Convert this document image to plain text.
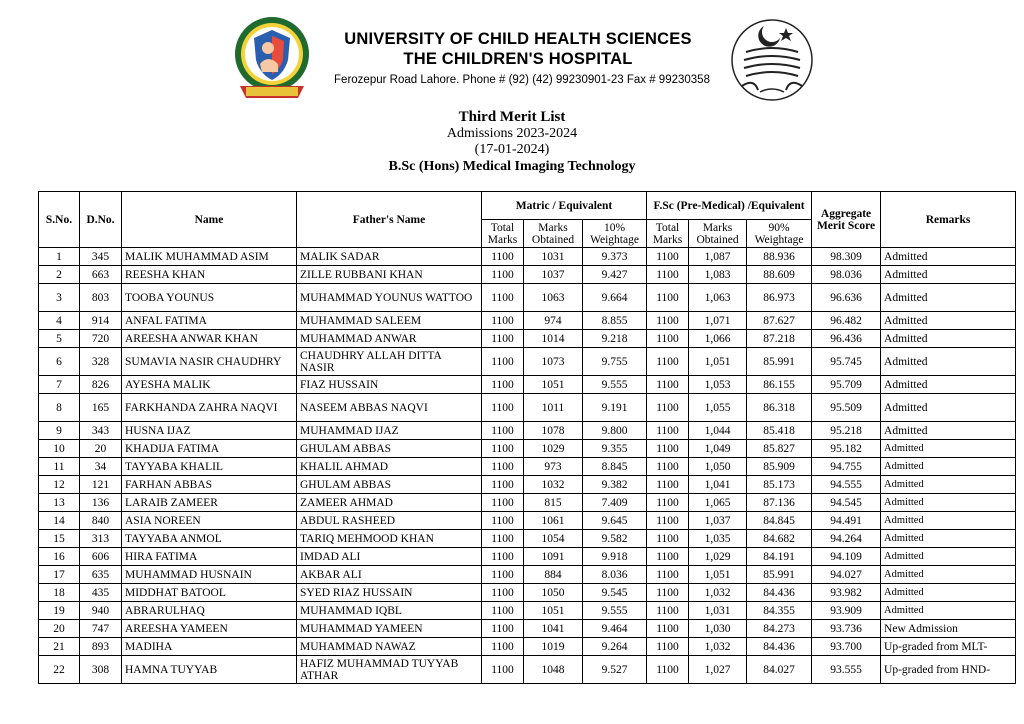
UNIVERSITY OF CHILD HEALTH SCIENCES
THE CHILDREN'S HOSPITAL
Ferozepur Road Lahore. Phone # (92) (42) 99230901-23 Fax # 99230358
Third Merit List
Admissions 2023-2024
(17-01-2024)
B.Sc (Hons) Medical Imaging Technology
S.No.	D.No.	Name	Father's Name	Matric / Equivalent			F.Sc (Pre-Medical) /Equivalent			Aggregate Merit Score	Remarks
				Total Marks	Marks Obtained	10% Weightage	Total Marks	Marks Obtained	90% Weightage		
1	345	MALIK MUHAMMAD ASIM	MALIK SADAR	1100	1031	9.373	1100	1,087	88.936	98.309	Admitted
2	663	REESHA KHAN	ZILLE RUBBANI KHAN	1100	1037	9.427	1100	1,083	88.609	98.036	Admitted
3	803	TOOBA YOUNUS	MUHAMMAD YOUNUS WATTOO	1100	1063	9.664	1100	1,063	86.973	96.636	Admitted
4	914	ANFAL FATIMA	MUHAMMAD SALEEM	1100	974	8.855	1100	1,071	87.627	96.482	Admitted
5	720	AREESHA ANWAR KHAN	MUHAMMAD ANWAR	1100	1014	9.218	1100	1,066	87.218	96.436	Admitted
6	328	SUMAVIA NASIR CHAUDHRY	CHAUDHRY ALLAH DITTA NASIR	1100	1073	9.755	1100	1,051	85.991	95.745	Admitted
7	826	AYESHA MALIK	FIAZ HUSSAIN	1100	1051	9.555	1100	1,053	86.155	95.709	Admitted
8	165	FARKHANDA ZAHRA NAQVI	NASEEM ABBAS NAQVI	1100	1011	9.191	1100	1,055	86.318	95.509	Admitted
9	343	HUSNA IJAZ	MUHAMMAD IJAZ	1100	1078	9.800	1100	1,044	85.418	95.218	Admitted
10	20	KHADIJA FATIMA	GHULAM ABBAS	1100	1029	9.355	1100	1,049	85.827	95.182	Admitted
11	34	TAYYABA KHALIL	KHALIL AHMAD	1100	973	8.845	1100	1,050	85.909	94.755	Admitted
12	121	FARHAN ABBAS	GHULAM ABBAS	1100	1032	9.382	1100	1,041	85.173	94.555	Admitted
13	136	LARAIB ZAMEER	ZAMEER AHMAD	1100	815	7.409	1100	1,065	87.136	94.545	Admitted
14	840	ASIA NOREEN	ABDUL RASHEED	1100	1061	9.645	1100	1,037	84.845	94.491	Admitted
15	313	TAYYABA ANMOL	TARIQ MEHMOOD KHAN	1100	1054	9.582	1100	1,035	84.682	94.264	Admitted
16	606	HIRA FATIMA	IMDAD ALI	1100	1091	9.918	1100	1,029	84.191	94.109	Admitted
17	635	MUHAMMAD HUSNAIN	AKBAR ALI	1100	884	8.036	1100	1,051	85.991	94.027	Admitted
18	435	MIDDHAT BATOOL	SYED RIAZ HUSSAIN	1100	1050	9.545	1100	1,032	84.436	93.982	Admitted
19	940	ABRARULHAQ	MUHAMMAD IQBL	1100	1051	9.555	1100	1,031	84.355	93.909	Admitted
20	747	AREESHA YAMEEN	MUHAMMAD YAMEEN	1100	1041	9.464	1100	1,030	84.273	93.736	New Admission
21	893	MADIHA	MUHAMMAD NAWAZ	1100	1019	9.264	1100	1,032	84.436	93.700	Up-graded from MLT-
22	308	HAMNA TUYYAB	HAFIZ MUHAMMAD TUYYAB ATHAR	1100	1048	9.527	1100	1,027	84.027	93.555	Up-graded from HND-
